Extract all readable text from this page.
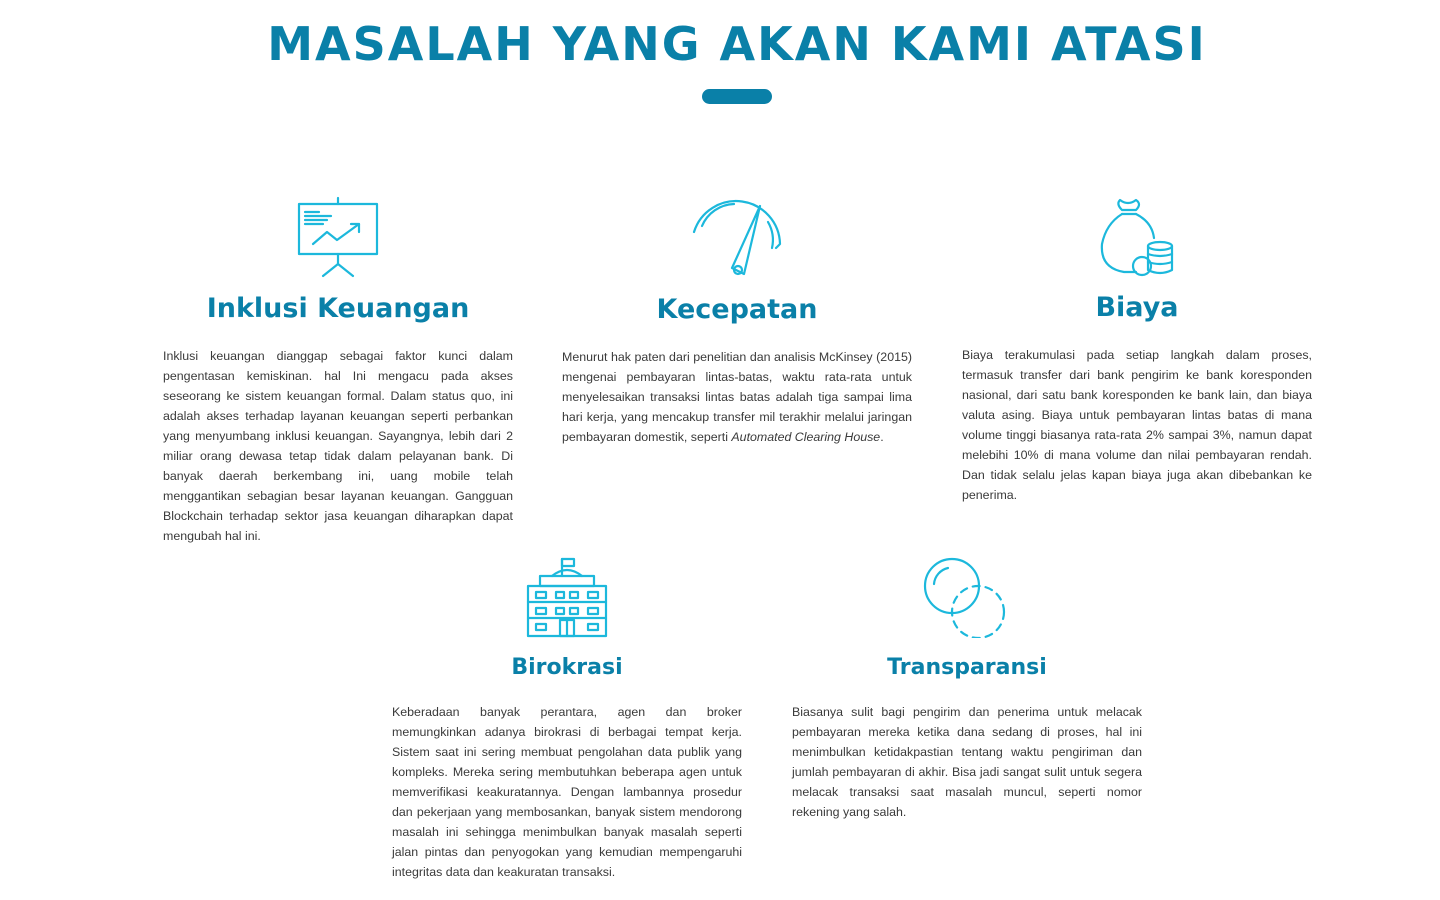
MASALAH YANG AKAN KAMI ATASI
Inklusi Keuangan

Inklusi keuangan dianggap sebagai faktor kunci dalam pengentasan kemiskinan. hal Ini mengacu pada akses seseorang ke sistem keuangan formal. Dalam status quo, ini adalah akses terhadap layanan keuangan seperti perbankan yang menyumbang inklusi keuangan. Sayangnya, lebih dari 2 miliar orang dewasa tetap tidak dalam pelayanan bank. Di banyak daerah berkembang ini, uang mobile telah menggantikan sebagian besar layanan keuangan. Gangguan Blockchain terhadap sektor jasa keuangan diharapkan dapat mengubah hal ini.

Kecepatan

Menurut hak paten dari penelitian dan analisis McKinsey (2015) mengenai pembayaran lintas-batas, waktu rata-rata untuk menyelesaikan transaksi lintas batas adalah tiga sampai lima hari kerja, yang mencakup transfer mil terakhir melalui jaringan pembayaran domestik, seperti Automated Clearing House.

Biaya

Biaya terakumulasi pada setiap langkah dalam proses, termasuk transfer dari bank pengirim ke bank koresponden nasional, dari satu bank koresponden ke bank lain, dan biaya valuta asing. Biaya untuk pembayaran lintas batas di mana volume tinggi biasanya rata-rata 2% sampai 3%, namun dapat melebihi 10% di mana volume dan nilai pembayaran rendah. Dan tidak selalu jelas kapan biaya juga akan dibebankan ke penerima.

Birokrasi

Keberadaan banyak perantara, agen dan broker memungkinkan adanya birokrasi di berbagai tempat kerja. Sistem saat ini sering membuat pengolahan data publik yang kompleks. Mereka sering membutuhkan beberapa agen untuk memverifikasi keakuratannya. Dengan lambannya prosedur dan pekerjaan yang membosankan, banyak sistem mendorong masalah ini sehingga menimbulkan banyak masalah seperti jalan pintas dan penyogokan yang kemudian mempengaruhi integritas data dan keakuratan transaksi.

Transparansi

Biasanya sulit bagi pengirim dan penerima untuk melacak pembayaran mereka ketika dana sedang di proses, hal ini menimbulkan ketidakpastian tentang waktu pengiriman dan jumlah pembayaran di akhir. Bisa jadi sangat sulit untuk segera melacak transaksi saat masalah muncul, seperti nomor rekening yang salah.
